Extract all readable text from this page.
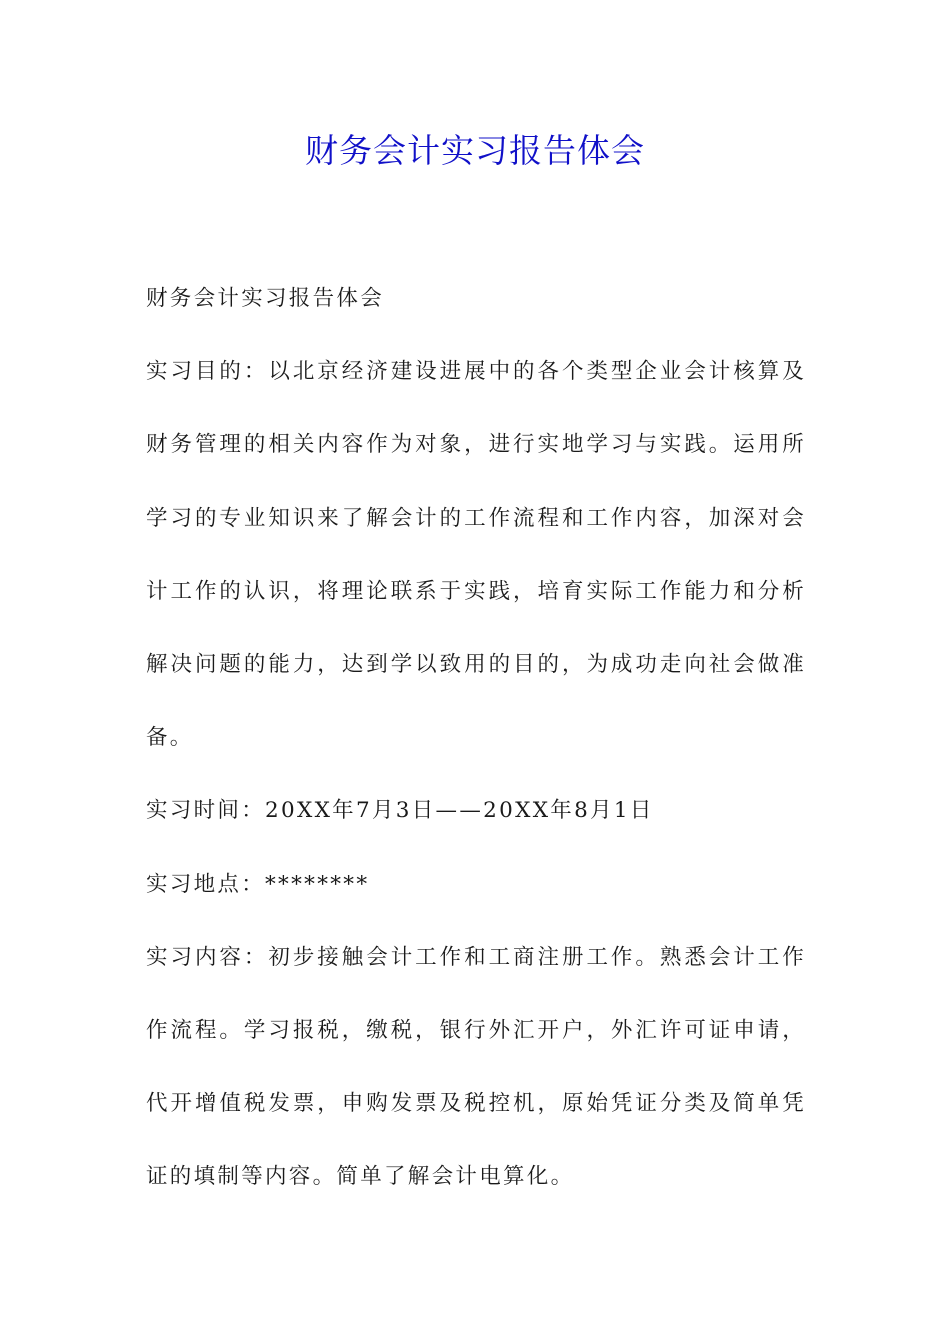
财务会计实习报告体会

财务会计实习报告体会

实习目的：以北京经济建设进展中的各个类型企业会计核算及财务管理的相关内容作为对象，进行实地学习与实践。运用所学习的专业知识来了解会计的工作流程和工作内容，加深对会计工作的认识，将理论联系于实践，培育实际工作能力和分析解决问题的能力，达到学以致用的目的，为成功走向社会做准备。

实习时间：20XX年7月3日——20XX年8月1日

实习地点：********

实习内容：初步接触会计工作和工商注册工作。熟悉会计工作作流程。学习报税，缴税，银行外汇开户，外汇许可证申请，代开增值税发票，申购发票及税控机，原始凭证分类及简单凭证的填制等内容。简单了解会计电算化。
